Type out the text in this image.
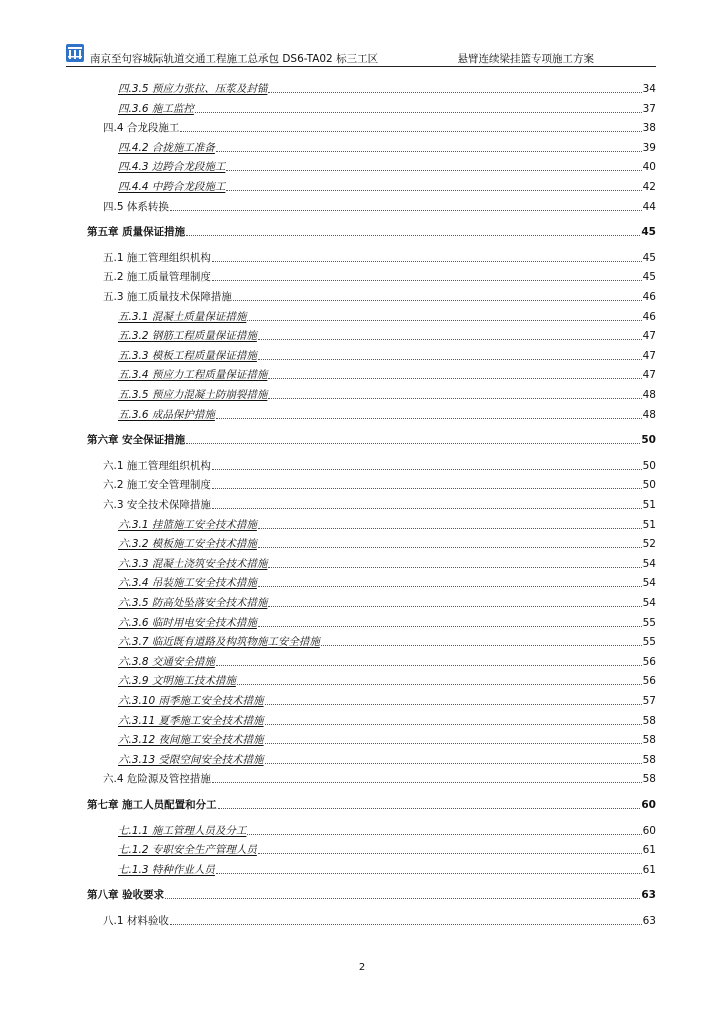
南京至句容城际轨道交通工程施工总承包 DS6-TA02 标三工区	悬臂连续梁挂篮专项施工方案
四.3.5 预应力张拉、压浆及封锚	34
四.3.6 施工监控	37
四.4 合龙段施工	38
四.4.2 合拢施工准备	39
四.4.3 边跨合龙段施工	40
四.4.4 中跨合龙段施工	42
四.5 体系转换	44
第五章 质量保证措施	45
五.1 施工管理组织机构	45
五.2 施工质量管理制度	45
五.3 施工质量技术保障措施	46
五.3.1 混凝土质量保证措施	46
五.3.2 钢筋工程质量保证措施	47
五.3.3 模板工程质量保证措施	47
五.3.4 预应力工程质量保证措施	47
五.3.5 预应力混凝土防崩裂措施	48
五.3.6 成品保护措施	48
第六章 安全保证措施	50
六.1 施工管理组织机构	50
六.2 施工安全管理制度	50
六.3 安全技术保障措施	51
六.3.1 挂篮施工安全技术措施	51
六.3.2 模板施工安全技术措施	52
六.3.3 混凝土浇筑安全技术措施	54
六.3.4 吊装施工安全技术措施	54
六.3.5 防高处坠落安全技术措施	54
六.3.6 临时用电安全技术措施	55
六.3.7 临近既有道路及构筑物施工安全措施	55
六.3.8 交通安全措施	56
六.3.9 文明施工技术措施	56
六.3.10 雨季施工安全技术措施	57
六.3.11 夏季施工安全技术措施	58
六.3.12 夜间施工安全技术措施	58
六.3.13 受限空间安全技术措施	58
六.4 危险源及管控措施	58
第七章 施工人员配置和分工	60
七.1.1 施工管理人员及分工	60
七.1.2 专职安全生产管理人员	61
七.1.3 特种作业人员	61
第八章 验收要求	63
八.1 材料验收	63
2
